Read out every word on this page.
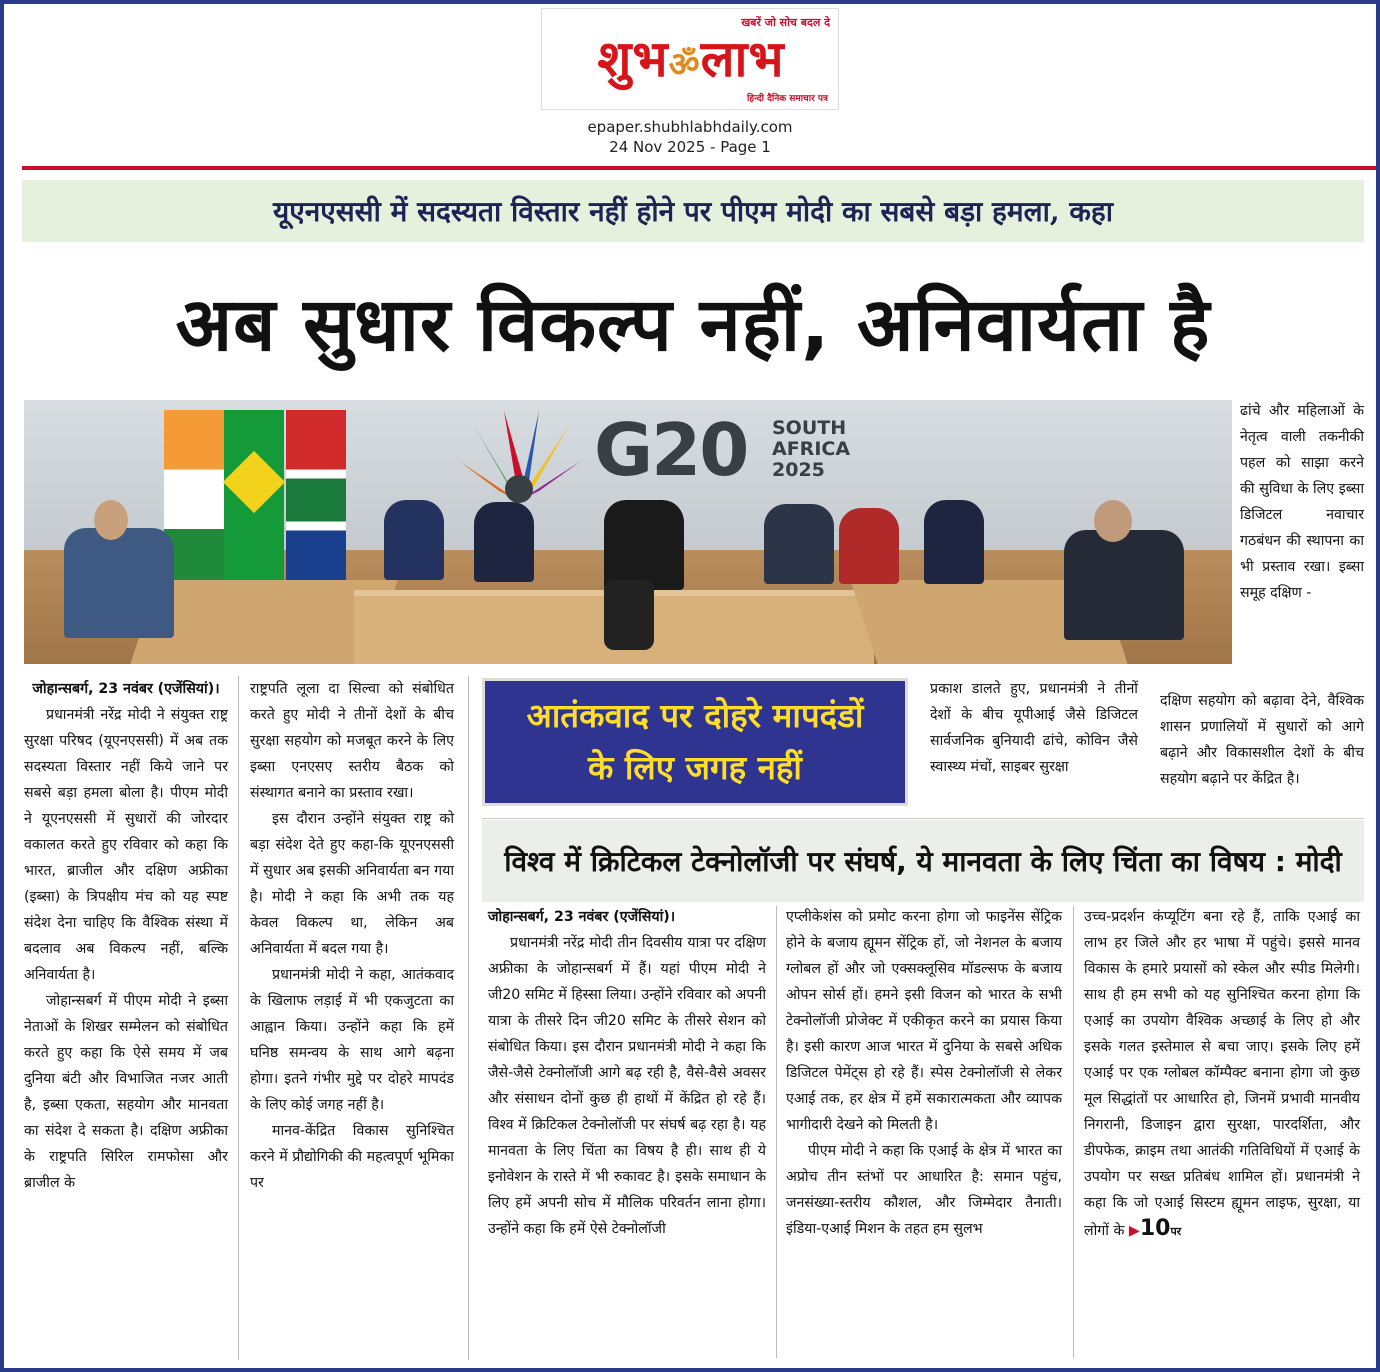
खबरें जो सोच बदल दे
शुभॐलाभ
हिन्दी दैनिक समाचार पत्र
epaper.shubhlabhdaily.com
24 Nov 2025 - Page 1
यूएनएससी में सदस्यता विस्तार नहीं होने पर पीएम मोदी का सबसे बड़ा हमला, कहा
अब सुधार विकल्प नहीं, अनिवार्यता है
G20 SOUTH
AFRICA
2025

ढांचे और महिलाओं के नेतृत्व वाली तकनीकी पहल को साझा करने की सुविधा के लिए इब्सा डिजिटल नवाचार गठबंधन की स्थापना का भी प्रस्ताव रखा। इब्सा समूह दक्षिण -

जोहान्सबर्ग, 23 नवंबर (एजेंसियां)।

प्रधानमंत्री नरेंद्र मोदी ने संयुक्त राष्ट्र सुरक्षा परिषद (यूएनएससी) में अब तक सदस्यता विस्तार नहीं किये जाने पर सबसे बड़ा हमला बोला है। पीएम मोदी ने यूएनएससी में सुधारों की जोरदार वकालत करते हुए रविवार को कहा कि भारत, ब्राजील और दक्षिण अफ्रीका (इब्सा) के त्रिपक्षीय मंच को यह स्पष्ट संदेश देना चाहिए कि वैश्विक संस्था में बदलाव अब विकल्प नहीं, बल्कि अनिवार्यता है।

जोहान्सबर्ग में पीएम मोदी ने इब्सा नेताओं के शिखर सम्मेलन को संबोधित करते हुए कहा कि ऐसे समय में जब दुनिया बंटी और विभाजित नजर आती है, इब्सा एकता, सहयोग और मानवता का संदेश दे सकता है। दक्षिण अफ्रीका के राष्ट्रपति सिरिल रामफोसा और ब्राजील के

राष्ट्रपति लूला दा सिल्वा को संबोधित करते हुए मोदी ने तीनों देशों के बीच सुरक्षा सहयोग को मजबूत करने के लिए इब्सा एनएसए स्तरीय बैठक को संस्थागत बनाने का प्रस्ताव रखा।

इस दौरान उन्होंने संयुक्त राष्ट्र को बड़ा संदेश देते हुए कहा-कि यूएनएससी में सुधार अब इसकी अनिवार्यता बन गया है। मोदी ने कहा कि अभी तक यह केवल विकल्प था, लेकिन अब अनिवार्यता में बदल गया है।

प्रधानमंत्री मोदी ने कहा, आतंकवाद के खिलाफ लड़ाई में भी एकजुटता का आह्वान किया। उन्होंने कहा कि हमें घनिष्ठ समन्वय के साथ आगे बढ़ना होगा। इतने गंभीर मुद्दे पर दोहरे मापदंड के लिए कोई जगह नहीं है।

मानव-केंद्रित विकास सुनिश्चित करने में प्रौद्योगिकी की महत्वपूर्ण भूमिका पर

आतंकवाद पर दोहरे मापदंडों
के लिए जगह नहीं

प्रकाश डालते हुए, प्रधानमंत्री ने तीनों देशों के बीच यूपीआई जैसे डिजिटल सार्वजनिक बुनियादी ढांचे, कोविन जैसे स्वास्थ्य मंचों, साइबर सुरक्षा

दक्षिण सहयोग को बढ़ावा देने, वैश्विक शासन प्रणालियों में सुधारों को आगे बढ़ाने और विकासशील देशों के बीच सहयोग बढ़ाने पर केंद्रित है।

विश्व में क्रिटिकल टेक्नोलॉजी पर संघर्ष, ये मानवता के लिए चिंता का विषय : मोदी

जोहान्सबर्ग, 23 नवंबर (एजेंसियां)।

प्रधानमंत्री नरेंद्र मोदी तीन दिवसीय यात्रा पर दक्षिण अफ्रीका के जोहान्सबर्ग में हैं। यहां पीएम मोदी ने जी20 समिट में हिस्सा लिया। उन्होंने रविवार को अपनी यात्रा के तीसरे दिन जी20 समिट के तीसरे सेशन को संबोधित किया। इस दौरान प्रधानमंत्री मोदी ने कहा कि जैसे-जैसे टेक्नोलॉजी आगे बढ़ रही है, वैसे-वैसे अवसर और संसाधन दोनों कुछ ही हाथों में केंद्रित हो रहे हैं। विश्व में क्रिटिकल टेक्नोलॉजी पर संघर्ष बढ़ रहा है। यह मानवता के लिए चिंता का विषय है ही। साथ ही ये इनोवेशन के रास्ते में भी रुकावट है। इसके समाधान के लिए हमें अपनी सोच में मौलिक परिवर्तन लाना होगा। उन्होंने कहा कि हमें ऐसे टेक्नोलॉजी

एप्लीकेशंस को प्रमोट करना होगा जो फाइनेंस सेंट्रिक होने के बजाय ह्यूमन सेंट्रिक हों, जो नेशनल के बजाय ग्लोबल हों और जो एक्सक्लूसिव मॉडल्सफ के बजाय ओपन सोर्स हों। हमने इसी विजन को भारत के सभी टेक्नोलॉजी प्रोजेक्ट में एकीकृत करने का प्रयास किया है। इसी कारण आज भारत में दुनिया के सबसे अधिक डिजिटल पेमेंट्स हो रहे हैं। स्पेस टेक्नोलॉजी से लेकर एआई तक, हर क्षेत्र में हमें सकारात्मकता और व्यापक भागीदारी देखने को मिलती है।

पीएम मोदी ने कहा कि एआई के क्षेत्र में भारत का अप्रोच तीन स्तंभों पर आधारित है: समान पहुंच, जनसंख्या-स्तरीय कौशल, और जिम्मेदार तैनाती। इंडिया-एआई मिशन के तहत हम सुलभ

उच्च-प्रदर्शन कंप्यूटिंग बना रहे हैं, ताकि एआई का लाभ हर जिले और हर भाषा में पहुंचे। इससे मानव विकास के हमारे प्रयासों को स्केल और स्पीड मिलेगी। साथ ही हम सभी को यह सुनिश्चित करना होगा कि एआई का उपयोग वैश्विक अच्छाई के लिए हो और इसके गलत इस्तेमाल से बचा जाए। इसके लिए हमें एआई पर एक ग्लोबल कॉम्पैक्ट बनाना होगा जो कुछ मूल सिद्धांतों पर आधारित हो, जिनमें प्रभावी मानवीय निगरानी, डिजाइन द्वारा सुरक्षा, पारदर्शिता, और डीपफेक, क्राइम तथा आतंकी गतिविधियों में एआई के उपयोग पर सख्त प्रतिबंध शामिल हों। प्रधानमंत्री ने कहा कि जो एआई सिस्टम ह्यूमन लाइफ, सुरक्षा, या लोगों के ▶10पर
